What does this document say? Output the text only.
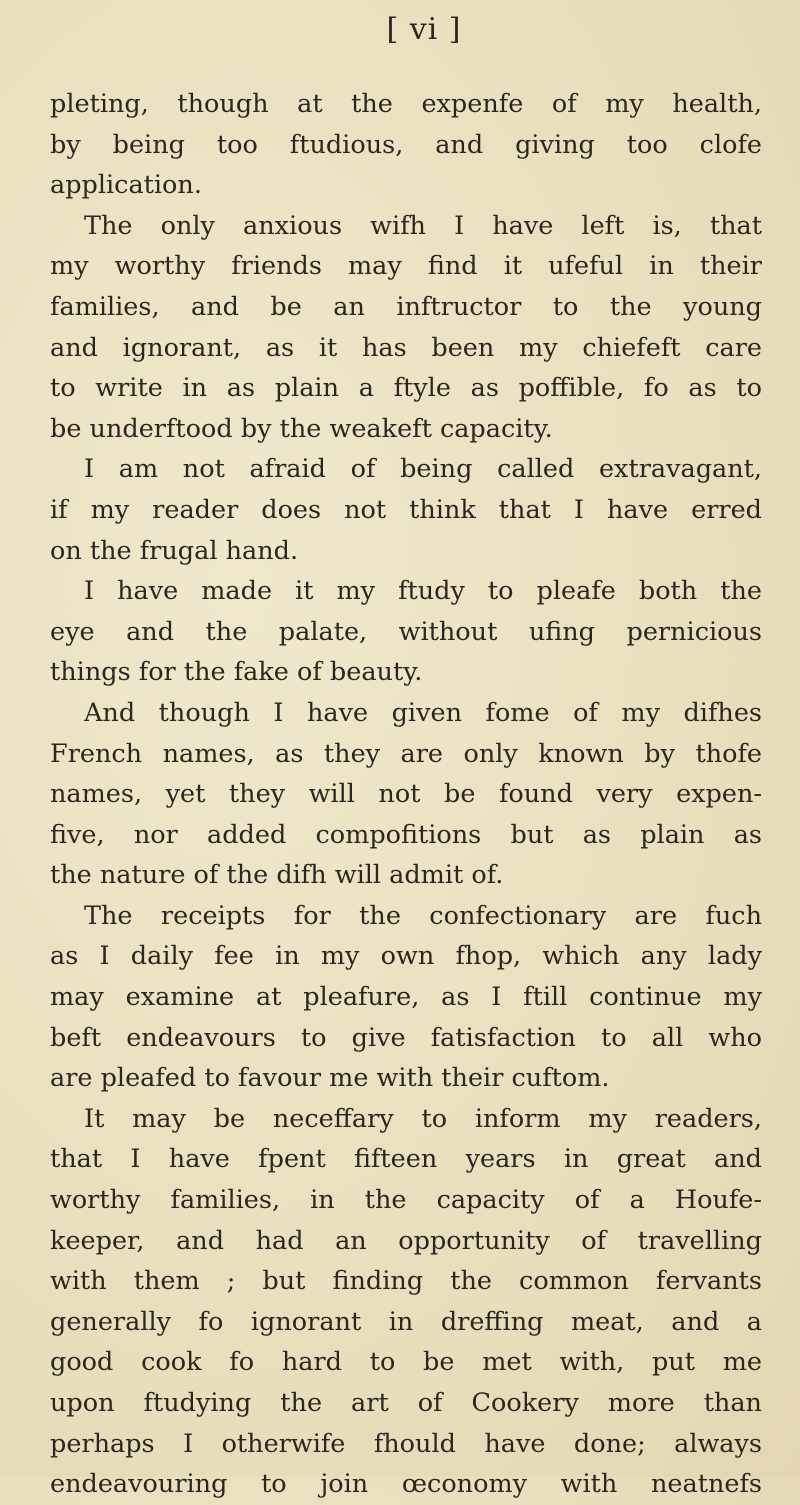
[ vi ]
pleting, though at the expenfe of my health,
by being too ftudious, and giving too clofe
application.
The only anxious wifh I have left is, that
my worthy friends may find it ufeful in their
families, and be an inftructor to the young
and ignorant, as it has been my chiefeft care
to write in as plain a ftyle as poffible, fo as to
be underftood by the weakeft capacity.
I am not afraid of being called extravagant,
if my reader does not think that I have erred
on the frugal hand.
I have made it my ftudy to pleafe both the
eye and the palate, without ufing pernicious
things for the fake of beauty.
And though I have given fome of my difhes
French names, as they are only known by thofe
names, yet they will not be found very expen-
five, nor added compofitions but as plain as
the nature of the difh will admit of.
The receipts for the confectionary are fuch
as I daily fee in my own fhop, which any lady
may examine at pleafure, as I ftill continue my
beft endeavours to give fatisfaction to all who
are pleafed to favour me with their cuftom.
It may be neceffary to inform my readers,
that I have fpent fifteen years in great and
worthy families, in the capacity of a Houfe-
keeper, and had an opportunity of travelling
with them ; but finding the common fervants
generally fo ignorant in dreffing meat, and a
good cook fo hard to be met with, put me
upon ftudying the art of Cookery more than
perhaps I otherwife fhould have done; always
endeavouring to join œconomy with neatnefs
